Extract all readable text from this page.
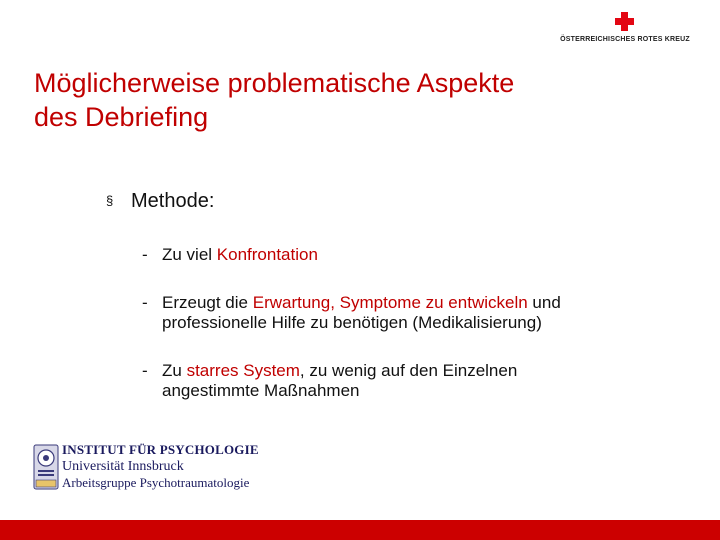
ÖSTERREICHISCHES ROTES KREUZ
Möglicherweise problematische Aspekte
des Debriefing
§ Methode:
- Zu viel Konfrontation
- Erzeugt die Erwartung, Symptome zu entwickeln und
professionelle Hilfe zu benötigen (Medikalisierung)
- Zu starres System, zu wenig auf den Einzelnen
angestimmte Maßnahmen
INSTITUT FÜR PSYCHOLOGIE
Universität Innsbruck
Arbeitsgruppe Psychotraumatologie
